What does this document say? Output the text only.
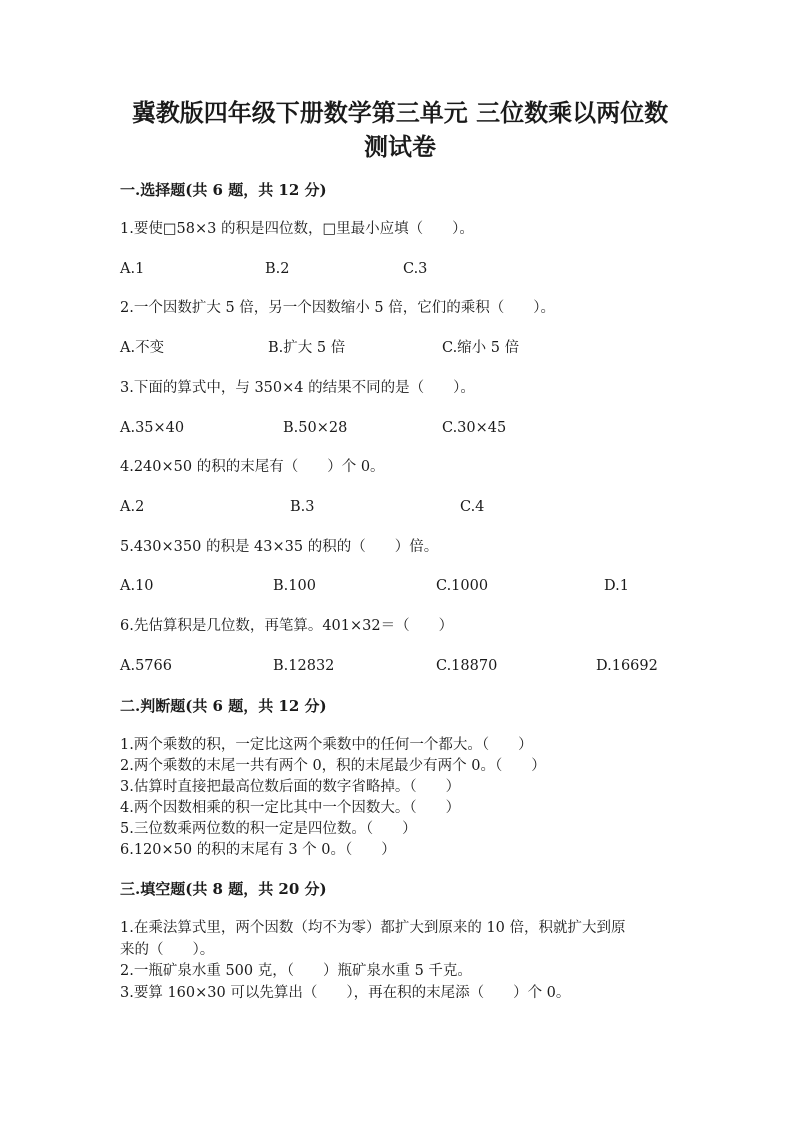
冀教版四年级下册数学第三单元 三位数乘以两位数
测试卷
一.选择题(共 6 题，共 12 分)
1.要使□58×3 的积是四位数，□里最小应填（　　）。
A.1	B.2	C.3
2.一个因数扩大 5 倍，另一个因数缩小 5 倍，它们的乘积（　　）。
A.不变	B.扩大 5 倍	C.缩小 5 倍
3.下面的算式中，与 350×4 的结果不同的是（　　）。
A.35×40	B.50×28	C.30×45
4.240×50 的积的末尾有（　　）个 0。
A.2	B.3	C.4
5.430×350 的积是 43×35 的积的（　　）倍。
A.10	B.100	C.1000	D.1
6.先估算积是几位数，再笔算。401×32＝（　　）
A.5766	B.12832	C.18870	D.16692
二.判断题(共 6 题，共 12 分)
1.两个乘数的积，一定比这两个乘数中的任何一个都大。（　　）
2.两个乘数的末尾一共有两个 0，积的末尾最少有两个 0。（　　）
3.估算时直接把最高位数后面的数字省略掉。（　　）
4.两个因数相乘的积一定比其中一个因数大。（　　）
5.三位数乘两位数的积一定是四位数。（　　）
6.120×50 的积的末尾有 3 个 0。（　　）
三.填空题(共 8 题，共 20 分)
1.在乘法算式里，两个因数（均不为零）都扩大到原来的 10 倍，积就扩大到原
来的（　　）。
2.一瓶矿泉水重 500 克，（　　）瓶矿泉水重 5 千克。
3.要算 160×30 可以先算出（　　），再在积的末尾添（　　）个 0。
